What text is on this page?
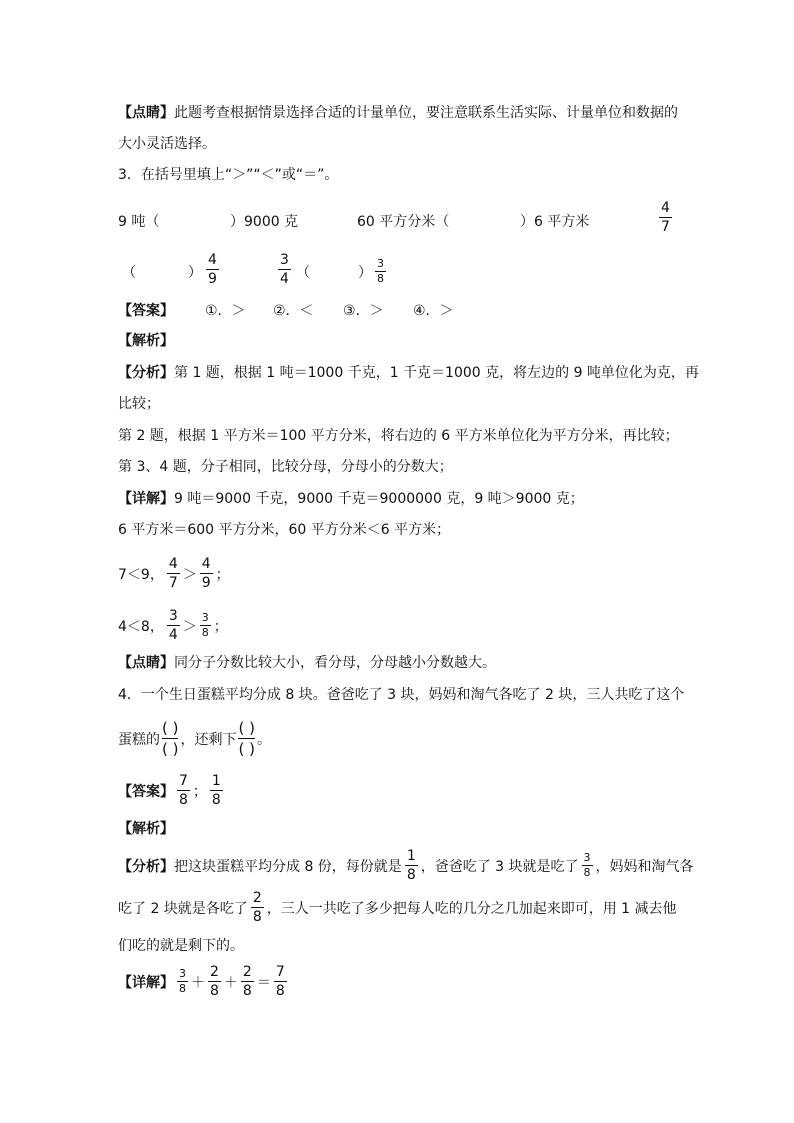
【点睛】此题考查根据情景选择合适的计量单位，要注意联系生活实际、计量单位和数据的
大小灵活选择。
3．在括号里填上“＞”“＜”或“＝”。
9 吨（	）9000 克	60 平方分米（	）6 平方米	$\frac{4}{7}$
（	） $\frac{4}{9}$	$\frac{3}{4}$ （	） $\frac{3}{8}$
【答案】 ①．＞ ②．＜ ③．＞ ④．＞
【解析】
【分析】第 1 题，根据 1 吨＝1000 千克，1 千克＝1000 克，将左边的 9 吨单位化为克，再
比较；
第 2 题，根据 1 平方米＝100 平方分米，将右边的 6 平方米单位化为平方分米，再比较；
第 3、4 题，分子相同，比较分母，分母小的分数大；
【详解】9 吨＝9000 千克，9000 千克＝9000000 克，9 吨＞9000 克；
6 平方米＝600 平方分米，60 平方分米＜6 平方米；
7＜9， $\frac{4}{7} > \frac{4}{9}$ ；
4＜8， $\frac{3}{4} > \frac{3}{8}$ ；
【点睛】同分子分数比较大小，看分母，分母越小分数越大。
4．一个生日蛋糕平均分成 8 块。爸爸吃了 3 块，妈妈和淘气各吃了 2 块，三人共吃了这个
蛋糕的
( )
( )
，还剩下
( )
( )
。
【答案】 $\frac{7}{8}$ ； $\frac{1}{8}$
【解析】
【分析】 把这块蛋糕平均分成 8 份，每份就是 $\frac{1}{8}$ ，爸爸吃了 3 块就是吃了 $\frac{3}{8}$ ，妈妈和淘气各
吃了 2 块就是各吃了 $\frac{2}{8}$ ，三人一共吃了多少把每人吃的几分之几加起来即可，用 1 减去他
们吃的就是剩下的。
【详解】 $\frac{3}{8} + \frac{2}{8} + \frac{2}{8} = \frac{7}{8}$
